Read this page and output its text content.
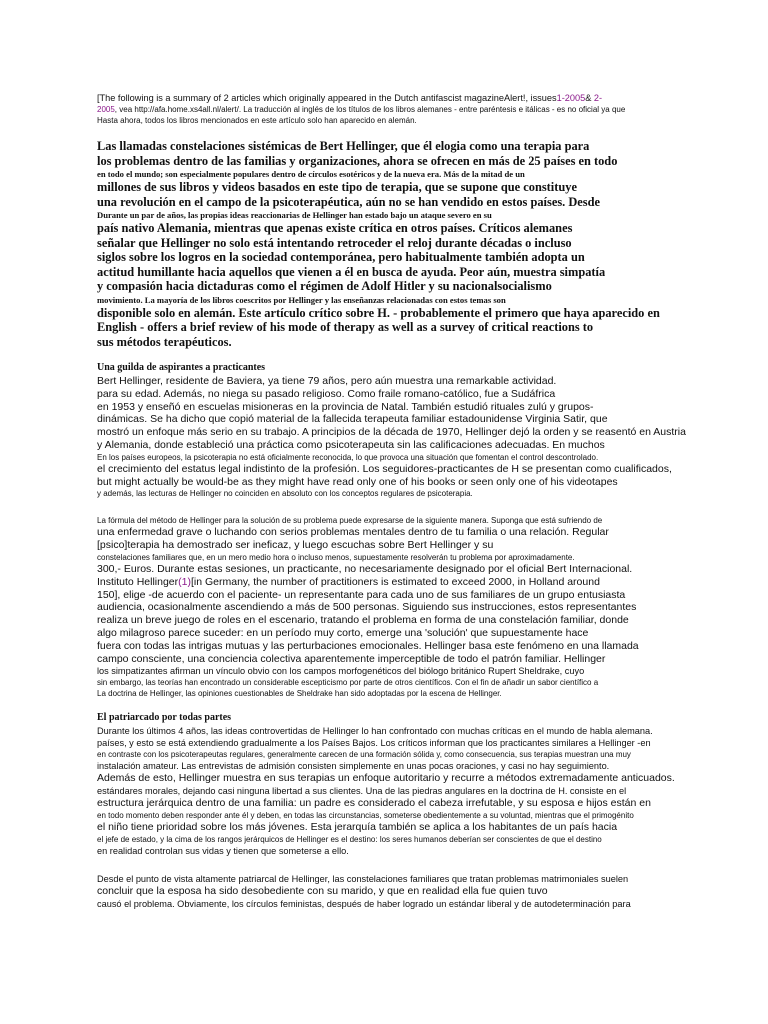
[The following is a summary of 2 articles which originally appeared in the Dutch antifascist magazineAlert!, issues1-2005& 2-
2005, vea http://afa.home.xs4all.nl/alert/. La traducción al inglés de los títulos de los libros alemanes - entre paréntesis e itálicas - es no oficial ya que
Hasta ahora, todos los libros mencionados en este artículo solo han aparecido en alemán.
Las llamadas constelaciones sistémicas de Bert Hellinger, que él elogia como una terapia para
los problemas dentro de las familias y organizaciones, ahora se ofrecen en más de 25 países en todo
en todo el mundo; son especialmente populares dentro de círculos esotéricos y de la nueva era. Más de la mitad de un
millones de sus libros y videos basados en este tipo de terapia, que se supone que constituye
una revolución en el campo de la psicoterapéutica, aún no se han vendido en estos países. Desde
Durante un par de años, las propias ideas reaccionarias de Hellinger han estado bajo un ataque severo en su
país nativo Alemania, mientras que apenas existe crítica en otros países. Críticos alemanes
señalar que Hellinger no solo está intentando retroceder el reloj durante décadas o incluso
siglos sobre los logros en la sociedad contemporánea, pero habitualmente también adopta un
actitud humillante hacia aquellos que vienen a él en busca de ayuda. Peor aún, muestra simpatía
y compasión hacia dictaduras como el régimen de Adolf Hitler y su nacionalsocialismo
movimiento. La mayoría de los libros coescritos por Hellinger y las enseñanzas relacionadas con estos temas son
disponible solo en alemán. Este artículo crítico sobre H. - probablemente el primero que haya aparecido en
English - offers a brief review of his mode of therapy as well as a survey of critical reactions to
sus métodos terapéuticos.
Una guilda de aspirantes a practicantes
Bert Hellinger, residente de Baviera, ya tiene 79 años, pero aún muestra una remarkable actividad.
para su edad. Además, no niega su pasado religioso. Como fraile romano-católico, fue a Sudáfrica
en 1953 y enseñó en escuelas misioneras en la provincia de Natal. También estudió rituales zulú y grupos-
dinámicas. Se ha dicho que copió material de la fallecida terapeuta familiar estadounidense Virginia Satir, que
mostró un enfoque más serio en su trabajo. A principios de la década de 1970, Hellinger dejó la orden y se reasentó en Austria
y Alemania, donde estableció una práctica como psicoterapeuta sin las calificaciones adecuadas. En muchos
En los países europeos, la psicoterapia no está oficialmente reconocida, lo que provoca una situación que fomentan el control descontrolado.
el crecimiento del estatus legal indistinto de la profesión. Los seguidores-practicantes de H se presentan como cualificados,
but might actually be would-be as they might have read only one of his books or seen only one of his videotapes
y además, las lecturas de Hellinger no coinciden en absoluto con los conceptos regulares de psicoterapia.
La fórmula del método de Hellinger para la solución de su problema puede expresarse de la siguiente manera. Suponga que está sufriendo de
una enfermedad grave o luchando con serios problemas mentales dentro de tu familia o una relación. Regular
[psico]terapia ha demostrado ser ineficaz, y luego escuchas sobre Bert Hellinger y su
constelaciones familiares que, en un mero medio hora o incluso menos, supuestamente resolverán tu problema por aproximadamente.
300,- Euros. Durante estas sesiones, un practicante, no necesariamente designado por el oficial Bert Internacional.
Instituto Hellinger(1)[in Germany, the number of practitioners is estimated to exceed 2000, in Holland around
150], elige -de acuerdo con el paciente- un representante para cada uno de sus familiares de un grupo entusiasta
audiencia, ocasionalmente ascendiendo a más de 500 personas. Siguiendo sus instrucciones, estos representantes
realiza un breve juego de roles en el escenario, tratando el problema en forma de una constelación familiar, donde
algo milagroso parece suceder: en un período muy corto, emerge una 'solución' que supuestamente hace
fuera con todas las intrigas mutuas y las perturbaciones emocionales. Hellinger basa este fenómeno en una llamada
campo consciente, una conciencia colectiva aparentemente imperceptible de todo el patrón familiar. Hellinger
los simpatizantes afirman un vínculo obvio con los campos morfogenéticos del biólogo británico Rupert Sheldrake, cuyo
sin embargo, las teorías han encontrado un considerable escepticismo por parte de otros científicos. Con el fin de añadir un sabor científico a
La doctrina de Hellinger, las opiniones cuestionables de Sheldrake han sido adoptadas por la escena de Hellinger.
El patriarcado por todas partes
Durante los últimos 4 años, las ideas controvertidas de Hellinger lo han confrontado con muchas críticas en el mundo de habla alemana.
países, y esto se está extendiendo gradualmente a los Países Bajos. Los críticos informan que los practicantes similares a Hellinger -en
en contraste con los psicoterapeutas regulares, generalmente carecen de una formación sólida y, como consecuencia, sus terapias muestran una muy
instalación amateur. Las entrevistas de admisión consisten simplemente en unas pocas oraciones, y casi no hay seguimiento.
Además de esto, Hellinger muestra en sus terapias un enfoque autoritario y recurre a métodos extremadamente anticuados.
estándares morales, dejando casi ninguna libertad a sus clientes. Una de las piedras angulares en la doctrina de H. consiste en el
estructura jerárquica dentro de una familia: un padre es considerado el cabeza irrefutable, y su esposa e hijos están en
en todo momento deben responder ante él y deben, en todas las circunstancias, someterse obedientemente a su voluntad, mientras que el primogénito
el niño tiene prioridad sobre los más jóvenes. Esta jerarquía también se aplica a los habitantes de un país hacia
el jefe de estado, y la cima de los rangos jerárquicos de Hellinger es el destino: los seres humanos deberían ser conscientes de que el destino
en realidad controlan sus vidas y tienen que someterse a ello.
Desde el punto de vista altamente patriarcal de Hellinger, las constelaciones familiares que tratan problemas matrimoniales suelen
concluir que la esposa ha sido desobediente con su marido, y que en realidad ella fue quien tuvo
causó el problema. Obviamente, los círculos feministas, después de haber logrado un estándar liberal y de autodeterminación para
